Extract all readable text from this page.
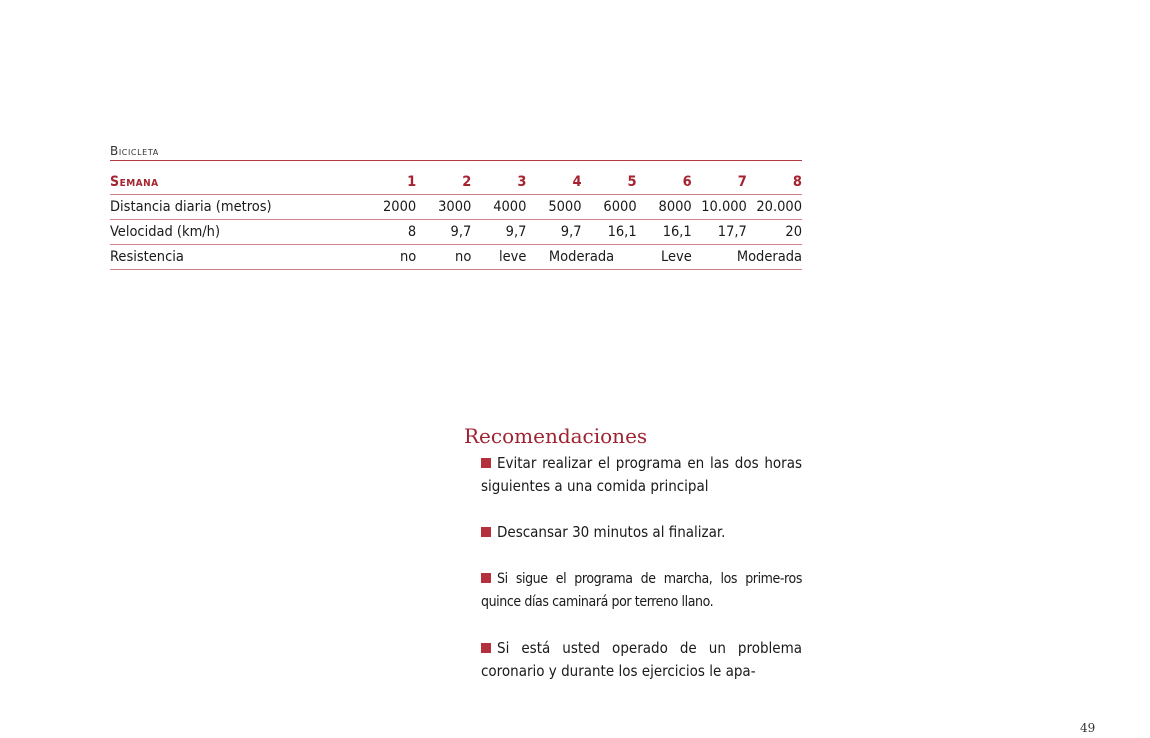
Bicicleta
Semana	1	2	3	4	5	6	7	8
Distancia diaria (metros)	2000	3000	4000	5000	6000	8000	10.000	20.000
Velocidad (km/h)	8	9,7	9,7	9,7	16,1	16,1	17,7	20
Resistencia	no	no	leve	Moderada		Leve	Moderada	
Recomendaciones
Evitar realizar el programa en las dos horas siguientes a una comida principal
Descansar 30 minutos al finalizar.
Si sigue el programa de marcha, los prime-ros quince días caminará por terreno llano.
Si está usted operado de un problema coronario y durante los ejercicios le apa-
49
